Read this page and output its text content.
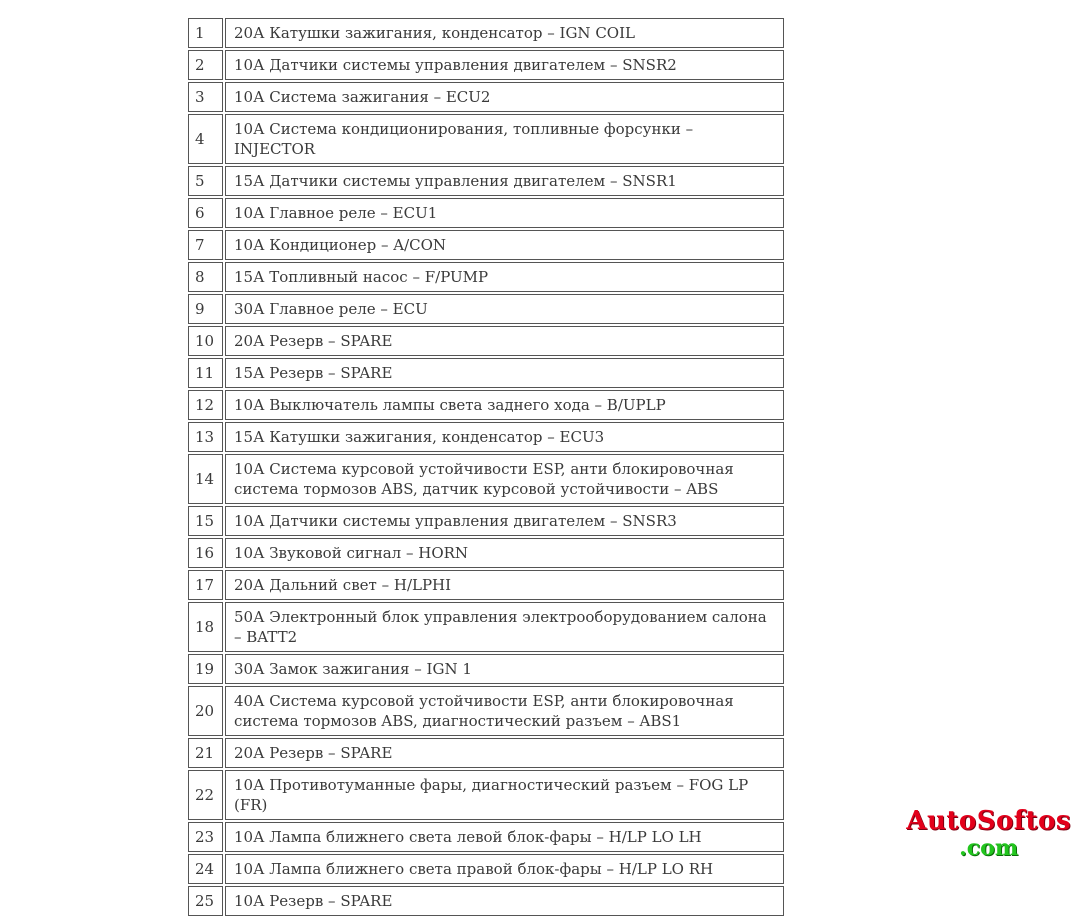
1	20А Катушки зажигания, конденсатор – IGN COIL
2	10А Датчики системы управления двигателем – SNSR2
3	10А Система зажигания – ECU2
4	10А Система кондиционирования, топливные форсунки – INJECTOR
5	15А Датчики системы управления двигателем – SNSR1
6	10А Главное реле – ECU1
7	10А Кондиционер – A/CON
8	15А Топливный насос – F/PUMP
9	30А Главное реле – ECU
10	20А Резерв – SPARE
11	15А Резерв – SPARE
12	10А Выключатель лампы света заднего хода – B/UPLP
13	15А Катушки зажигания, конденсатор – ECU3
14	10А Система курсовой устойчивости ESP, анти блокировочная система тормозов ABS, датчик курсовой устойчивости – ABS
15	10А Датчики системы управления двигателем – SNSR3
16	10А Звуковой сигнал – HORN
17	20А Дальний свет – H/LPHI
18	50А Электронный блок управления электрооборудованием салона – BATT2
19	30А Замок зажигания – IGN 1
20	40А Система курсовой устойчивости ESP, анти блокировочная система тормозов ABS, диагностический разъем – ABS1
21	20А Резерв – SPARE
22	10А Противотуманные фары, диагностический разъем – FOG LP (FR)
23	10А Лампа ближнего света левой блок-фары – H/LP LO LH
24	10А Лампа ближнего света правой блок-фары – H/LP LO RH
25	10А Резерв – SPARE
AutoSoftos
.com
